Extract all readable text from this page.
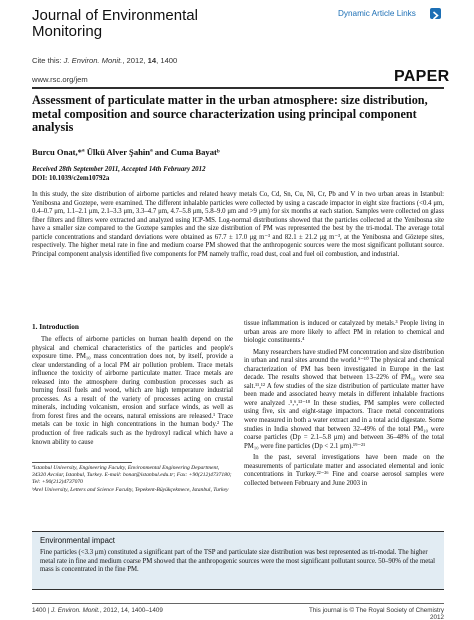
Journal of Environmental Monitoring
Cite this: J. Environ. Monit., 2012, 14, 1400
Dynamic Article Links
www.rsc.org/jem	PAPER
Assessment of particulate matter in the urban atmosphere: size distribution, metal composition and source characterization using principal component analysis
Burcu Onat,*ª Ülkü Alver Şahinª and Cuma Bayatᵇ
Received 28th September 2011, Accepted 14th February 2012
DOI: 10.1039/c2em10792a

In this study, the size distribution of airborne particles and related heavy metals Co, Cd, Sn, Cu, Ni, Cr, Pb and V in two urban areas in Istanbul: Yenibosna and Goztepe, were examined. The different inhalable particles were collected by using a cascade impactor in eight size fractions (<0.4 μm, 0.4–0.7 μm, 1.1–2.1 μm, 2.1–3.3 μm, 3.3–4.7 μm, 4.7–5.8 μm, 5.8–9.0 μm and >9 μm) for six months at each station. Samples were collected on glass fiber filters and filters were extracted and analyzed using ICP-MS. Log-normal distributions showed that the particles collected at the Yenibosna site have a smaller size compared to the Goztepe samples and the size distribution of PM was represented the best by the tri-modal. The average total particle concentrations and standard deviations were obtained as 67.7 ± 17.0 μg m⁻³ and 82.1 ± 21.2 μg m⁻³, at the Yenibosna and Göztepe sites, respectively. The higher metal rate in fine and medium coarse PM showed that the anthropogenic sources were the most significant pollutant source. Principal component analysis identified five components for PM namely traffic, road dust, coal and fuel oil combustion, and industrial.

1. Introduction

The effects of airborne particles on human health depend on the physical and chemical characteristics of the particles and people's exposure time. PM₁₀ mass concentration does not, by itself, provide a clear understanding of a local PM air pollution problem. Trace metals influence the toxicity of airborne particulate matter. Trace metals are released into the atmosphere during combustion processes such as burning fossil fuels and wood, which are high temperature industrial processes. As a result of the variety of processes acting on crustal minerals, including volcanism, erosion and surface winds, as well as from forest fires and the oceans, natural emissions are released.¹ Trace metals can be toxic in high concentrations in the human body.² The production of free radicals such as the hydroxyl radical which have a known ability to cause

tissue inflammation is induced or catalyzed by metals.³ People living in urban areas are more likely to affect PM in relation to chemical and biologic constituents.⁴

Many researchers have studied PM concentration and size distribution in urban and rural sites around the world.⁵⁻¹⁰ The physical and chemical characterization of PM has been investigated in Europe in the last decade. The results showed that between 13–22% of PM₁₀ were sea salt.¹¹,¹² A few studies of the size distribution of particulate matter have been made and associated heavy metals in different inhalable fractions were analyzed .⁵,⁶,¹³⁻¹⁸ In these studies, PM samples were collected using five, six and eight-stage impactors. Trace metal concentrations were measured in both a water extract and in a total acid digestate. Some studies in India showed that between 32–49% of the total PM₁₀ were coarse particles (Dp = 2.1–5.8 μm) and between 36–48% of the total PM₁₀ were fine particles (Dp < 2.1 μm).¹⁹⁻²¹

In the past, several investigations have been made on the measurements of particulate matter and associated elemental and ionic concentrations in Turkey.²²⁻²⁶ Fine and coarse aerosol samples were collected between February and June 2003 in

ªIstanbul University, Engineering Faculty, Environmental Engineering Department, 34320 Avcılar, Istanbul, Turkey. E-mail: bonat@istanbul.edu.tr; Fax: +90(212)4737180; Tel: +90(212)4737070

ᵇArel University, Letters and Science Faculty, Tepekent-Büyükçekmece, Istanbul, Turkey

Environmental impact
Fine particles (<3.3 μm) constituted a significant part of the TSP and particulate size distribution was best represented as tri-modal. The higher metal rate in fine and medium coarse PM showed that the anthropogenic sources were the most significant pollutant source. 50–90% of the metal mass is concentrated in the fine PM.
1400 | J. Environ. Monit., 2012, 14, 1400–1409	This journal is © The Royal Society of Chemistry 2012
